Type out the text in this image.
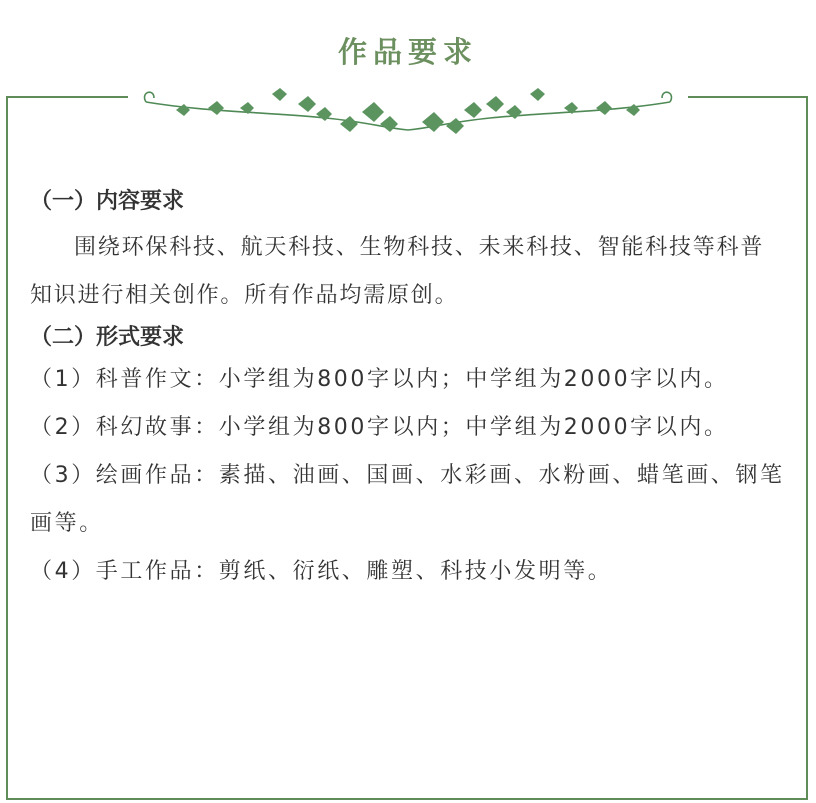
作品要求
（一）内容要求

围绕环保科技、航天科技、生物科技、未来科技、智能科技等科普知识进行相关创作。所有作品均需原创。

（二）形式要求

（1）科普作文：小学组为800字以内；中学组为2000字以内。

（2）科幻故事：小学组为800字以内；中学组为2000字以内。

（3）绘画作品：素描、油画、国画、水彩画、水粉画、蜡笔画、钢笔画等。

（4）手工作品：剪纸、衍纸、雕塑、科技小发明等。
